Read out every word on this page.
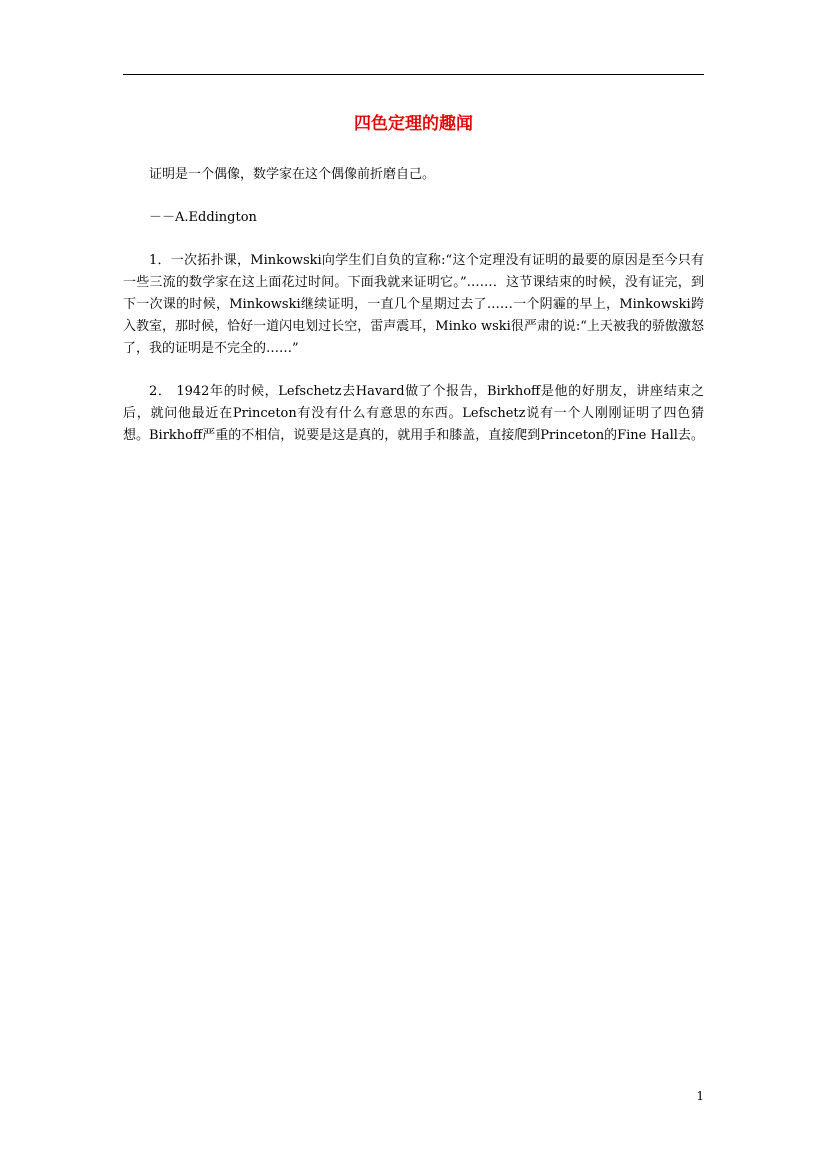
四色定理的趣闻

证明是一个偶像，数学家在这个偶像前折磨自己。

－－A.Eddington

1．一次拓扑课，Minkowski向学生们自负的宣称:“这个定理没有证明的最要的原因是至今只有一些三流的数学家在这上面花过时间。下面我就来证明它。”……．这节课结束的时候，没有证完，到下一次课的时候，Minkowski继续证明，一直几个星期过去了……一个阴霾的早上，Minkowski跨入教室，那时候，恰好一道闪电划过长空，雷声震耳，Minko wski很严肃的说:“上天被我的骄傲激怒了，我的证明是不完全的……”

2． 1942年的时候，Lefschetz去Havard做了个报告，Birkhoff是他的好朋友，讲座结束之后，就问他最近在Princeton有没有什么有意思的东西。Lefschetz说有一个人刚刚证明了四色猜想。Birkhoff严重的不相信，说要是这是真的，就用手和膝盖，直接爬到Princeton的Fine Hall去。

1
